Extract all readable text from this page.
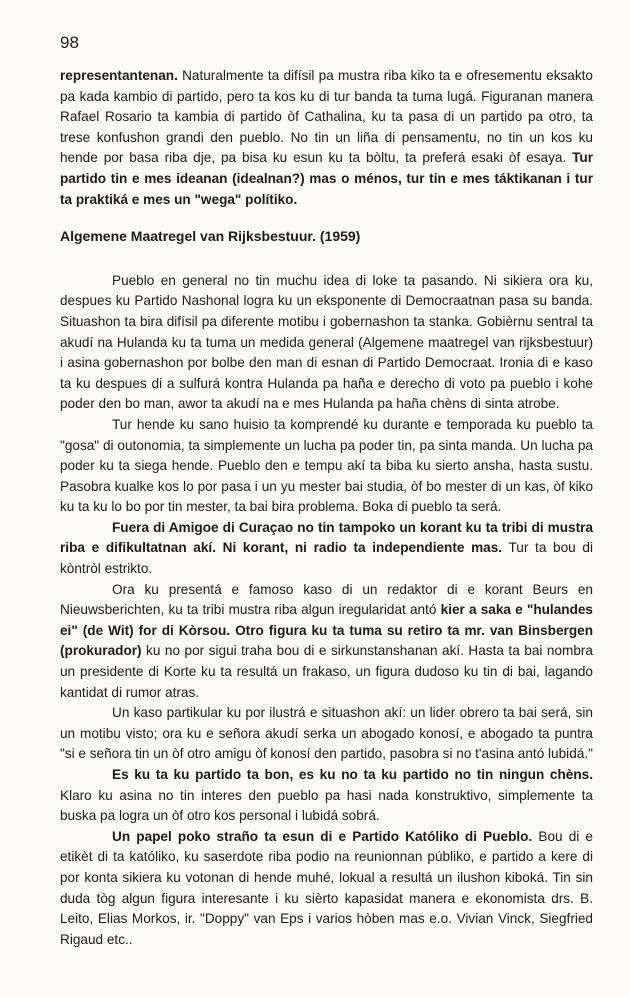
98

representantenan. Naturalmente ta difísil pa mustra riba kiko ta e ofresementu eksakto pa kada kambio di partido, pero ta kos ku di tur banda ta tuma lugá. Figuranan manera Rafael Rosario ta kambia di partido òf Cathalina, ku ta pasa di un partido pa otro, ta trese konfushon grandi den pueblo. No tin un liña di pensamentu, no tin un kos ku hende por basa riba dje, pa bisa ku esun ku ta bòltu, ta preferá esaki òf esaya. Tur partido tin e mes ideanan (idealnan?) mas o ménos, tur tin e mes táktikanan i tur ta praktiká e mes un "wega" polítiko.

Algemene Maatregel van Rijksbestuur. (1959)

Pueblo en general no tin muchu idea di loke ta pasando. Ni sikiera ora ku, despues ku Partido Nashonal logra ku un eksponente di Democraatnan pasa su banda. Situashon ta bira difísil pa diferente motibu i gobernashon ta stanka. Gobièrnu sentral ta akudí na Hulanda ku ta tuma un medida general (Algemene maatregel van rijksbestuur) i asina gobernashon por bolbe den man di esnan di Partido Democraat. Ironia di e kaso ta ku despues di a sulfurá kontra Hulanda pa haña e derecho di voto pa pueblo i kohe poder den bo man, awor ta akudí na e mes Hulanda pa haña chèns di sinta atrobe.

Tur hende ku sano huisio ta komprendé ku durante e temporada ku pueblo ta "gosa" di outonomia, ta simplemente un lucha pa poder tin, pa sinta manda. Un lucha pa poder ku ta siega hende. Pueblo den e tempu akí ta biba ku sierto ansha, hasta sustu. Pasobra kualke kos lo por pasa i un yu mester bai studia, òf bo mester di un kas, òf kiko ku ta ku lo bo por tin mester, ta bai bira problema. Boka di pueblo ta será.

Fuera di Amigoe di Curaçao no tin tampoko un korant ku ta tribi di mustra riba e difikultatnan akí. Ni korant, ni radio ta independiente mas. Tur ta bou di kòntròl estrikto.

Ora ku presentá e famoso kaso di un redaktor di e korant Beurs en Nieuwsberichten, ku ta tribi mustra riba algun iregularidat antó kier a saka e "hulandes ei" (de Wit) for di Kòrsou. Otro figura ku ta tuma su retiro ta mr. van Binsbergen (prokurador) ku no por sigui traha bou di e sirkunstanshanan akí. Hasta ta bai nombra un presidente di Korte ku ta resultá un frakaso, un figura dudoso ku tin di bai, lagando kantidat di rumor atras.

Un kaso partikular ku por ilustrá e situashon akí: un lider obrero ta bai será, sin un motibu visto; ora ku e señora akudí serka un abogado konosí, e abogado ta puntra "si e señora tin un òf otro amigu òf konosí den partido, pasobra si no t'asina antó lubidá."

Es ku ta ku partido ta bon, es ku no ta ku partido no tin ningun chèns. Klaro ku asina no tin interes den pueblo pa hasi nada konstruktivo, simplemente ta buska pa logra un òf otro kos personal i lubidá sobrá.

Un papel poko straño ta esun di e Partido Katóliko di Pueblo. Bou di e etikèt di ta katóliko, ku saserdote riba podio na reunionnan públiko, e partido a kere di por konta sikiera ku votonan di hende muhé, lokual a resultá un ilushon kiboká. Tin sin duda tòg algun figura interesante i ku sièrto kapasidat manera e ekonomista drs. B. Leito, Elias Morkos, ir. "Doppy" van Eps i varios hòben mas e.o. Vivian Vinck, Siegfried Rigaud etc..
